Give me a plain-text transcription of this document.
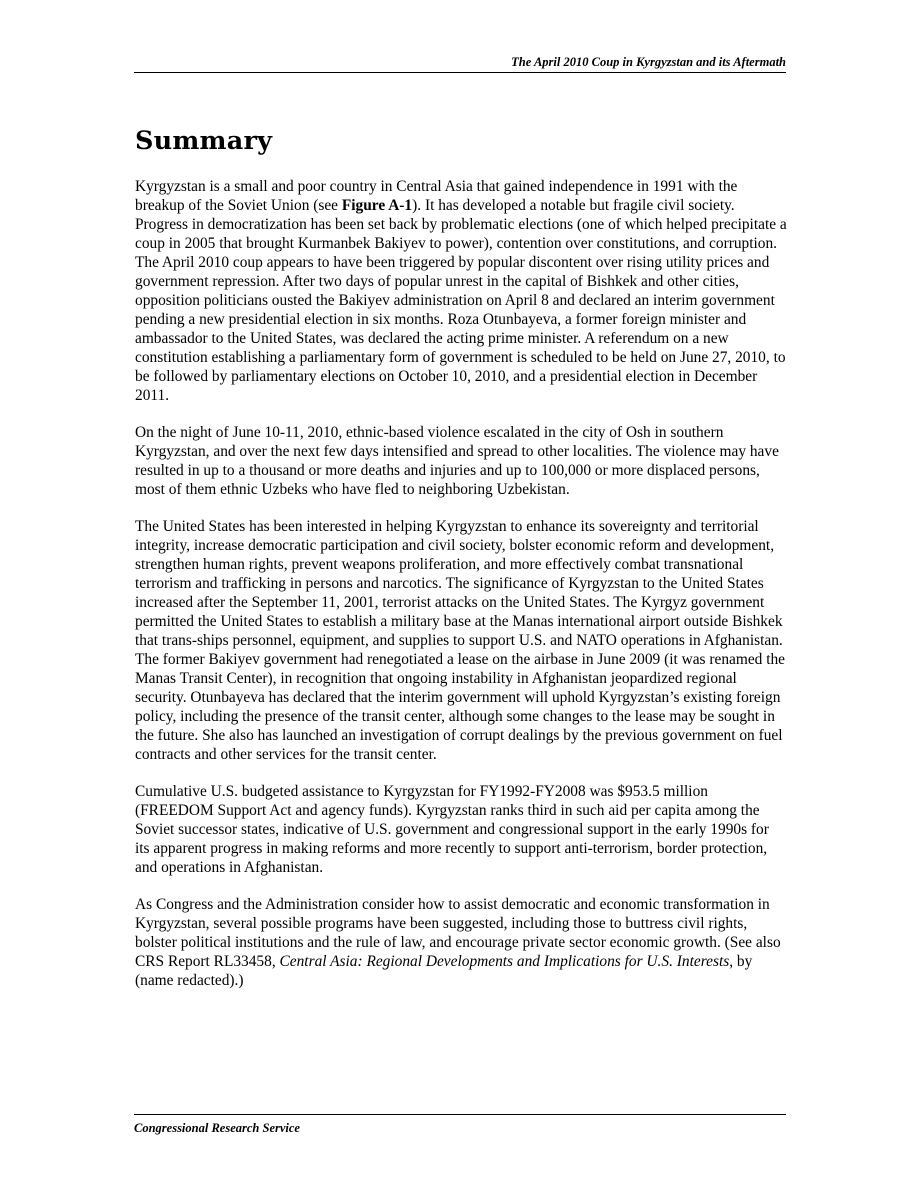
The April 2010 Coup in Kyrgyzstan and its Aftermath
Summary

Kyrgyzstan is a small and poor country in Central Asia that gained independence in 1991 with the breakup of the Soviet Union (see Figure A-1). It has developed a notable but fragile civil society. Progress in democratization has been set back by problematic elections (one of which helped precipitate a coup in 2005 that brought Kurmanbek Bakiyev to power), contention over constitutions, and corruption. The April 2010 coup appears to have been triggered by popular discontent over rising utility prices and government repression. After two days of popular unrest in the capital of Bishkek and other cities, opposition politicians ousted the Bakiyev administration on April 8 and declared an interim government pending a new presidential election in six months. Roza Otunbayeva, a former foreign minister and ambassador to the United States, was declared the acting prime minister. A referendum on a new constitution establishing a parliamentary form of government is scheduled to be held on June 27, 2010, to be followed by parliamentary elections on October 10, 2010, and a presidential election in December 2011.

On the night of June 10-11, 2010, ethnic-based violence escalated in the city of Osh in southern Kyrgyzstan, and over the next few days intensified and spread to other localities. The violence may have resulted in up to a thousand or more deaths and injuries and up to 100,000 or more displaced persons, most of them ethnic Uzbeks who have fled to neighboring Uzbekistan.

The United States has been interested in helping Kyrgyzstan to enhance its sovereignty and territorial integrity, increase democratic participation and civil society, bolster economic reform and development, strengthen human rights, prevent weapons proliferation, and more effectively combat transnational terrorism and trafficking in persons and narcotics. The significance of Kyrgyzstan to the United States increased after the September 11, 2001, terrorist attacks on the United States. The Kyrgyz government permitted the United States to establish a military base at the Manas international airport outside Bishkek that trans-ships personnel, equipment, and supplies to support U.S. and NATO operations in Afghanistan. The former Bakiyev government had renegotiated a lease on the airbase in June 2009 (it was renamed the Manas Transit Center), in recognition that ongoing instability in Afghanistan jeopardized regional security. Otunbayeva has declared that the interim government will uphold Kyrgyzstan’s existing foreign policy, including the presence of the transit center, although some changes to the lease may be sought in the future. She also has launched an investigation of corrupt dealings by the previous government on fuel contracts and other services for the transit center.

Cumulative U.S. budgeted assistance to Kyrgyzstan for FY1992-FY2008 was $953.5 million (FREEDOM Support Act and agency funds). Kyrgyzstan ranks third in such aid per capita among the Soviet successor states, indicative of U.S. government and congressional support in the early 1990s for its apparent progress in making reforms and more recently to support anti-terrorism, border protection, and operations in Afghanistan.

As Congress and the Administration consider how to assist democratic and economic transformation in Kyrgyzstan, several possible programs have been suggested, including those to buttress civil rights, bolster political institutions and the rule of law, and encourage private sector economic growth. (See also CRS Report RL33458, Central Asia: Regional Developments and Implications for U.S. Interests, by (name redacted).)

Congressional Research Service
